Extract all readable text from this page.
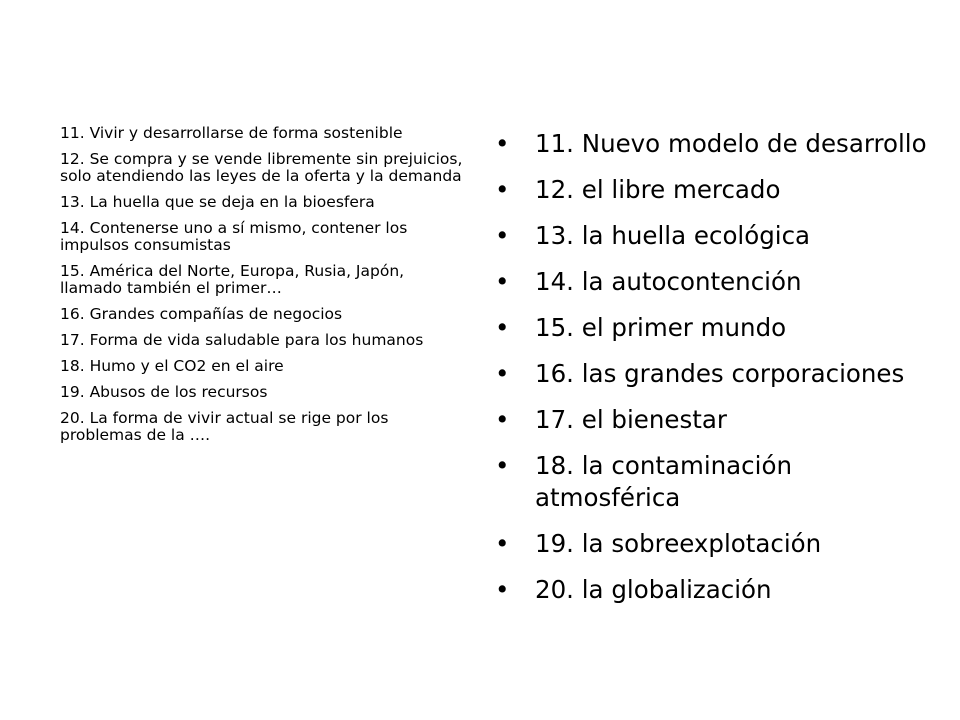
11. Vivir y desarrollarse de forma sostenible

12. Se compra y se vende libremente sin prejuicios, solo atendiendo las leyes de la oferta y la demanda

13. La huella que se deja en la bioesfera

14. Contenerse uno a sí mismo, contener los impulsos consumistas

15. América del Norte, Europa, Rusia, Japón, llamado también el primer…

16. Grandes compañías de negocios

17. Forma de vida saludable para los humanos

18. Humo y el CO2 en el aire

19. Abusos de los recursos

20. La forma de vivir actual se rige por los problemas de la ….

•	11. Nuevo modelo de desarrollo
•	12. el libre mercado
•	13. la huella ecológica
•	14. la autocontención
•	15. el primer mundo
•	16. las grandes corporaciones
•	17. el bienestar
•	18. la contaminación atmosférica
•	19. la sobreexplotación
•	20. la globalización
